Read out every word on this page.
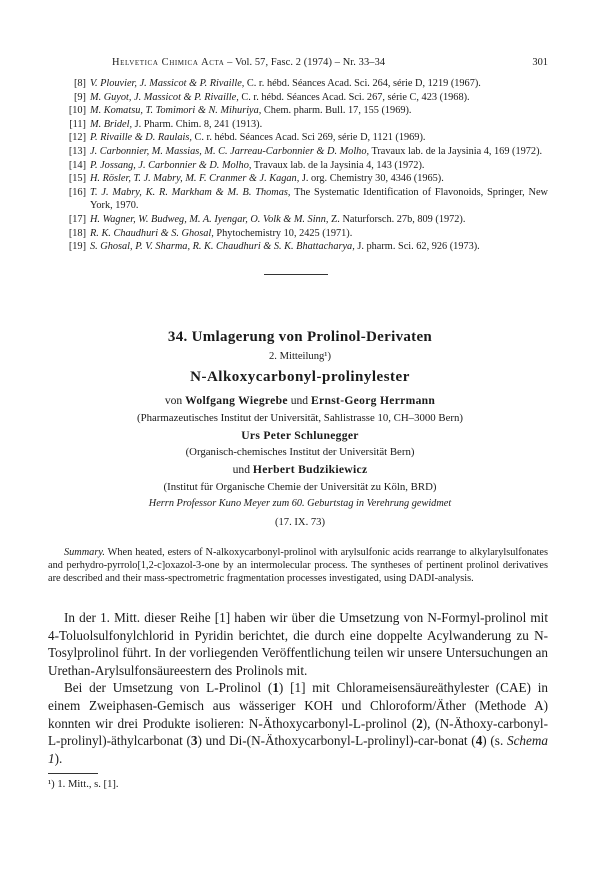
Helvetica Chimica Acta – Vol. 57, Fasc. 2 (1974) – Nr. 33–34	301
[8] V. Plouvier, J. Massicot & P. Rivaille, C. r. hébd. Séances Acad. Sci. 264, série D, 1219 (1967).
[9] M. Guyot, J. Massicot & P. Rivaille, C. r. hébd. Séances Acad. Sci. 267, série C, 423 (1968).
[10] M. Komatsu, T. Tomimori & N. Mihuriya, Chem. pharm. Bull. 17, 155 (1969).
[11] M. Bridel, J. Pharm. Chim. 8, 241 (1913).
[12] P. Rivaille & D. Raulais, C. r. hébd. Séances Acad. Sci 269, série D, 1121 (1969).
[13] J. Carbonnier, M. Massias, M. C. Jarreau-Carbonnier & D. Molho, Travaux lab. de la Jaysinia 4, 169 (1972).
[14] P. Jossang, J. Carbonnier & D. Molho, Travaux lab. de la Jaysinia 4, 143 (1972).
[15] H. Rösler, T. J. Mabry, M. F. Cranmer & J. Kagan, J. org. Chemistry 30, 4346 (1965).
[16] T. J. Mabry, K. R. Markham & M. B. Thomas, The Systematic Identification of Flavonoids, Springer, New York, 1970.
[17] H. Wagner, W. Budweg, M. A. Iyengar, O. Volk & M. Sinn, Z. Naturforsch. 27b, 809 (1972).
[18] R. K. Chaudhuri & S. Ghosal, Phytochemistry 10, 2425 (1971).
[19] S. Ghosal, P. V. Sharma, R. K. Chaudhuri & S. K. Bhattacharya, J. pharm. Sci. 62, 926 (1973).
34. Umlagerung von Prolinol-Derivaten
2. Mitteilung¹)
N-Alkoxycarbonyl-prolinylester
von Wolfgang Wiegrebe und Ernst-Georg Herrmann
(Pharmazeutisches Institut der Universität, Sahlistrasse 10, CH–3000 Bern)
Urs Peter Schlunegger
(Organisch-chemisches Institut der Universität Bern)
und Herbert Budzikiewicz
(Institut für Organische Chemie der Universität zu Köln, BRD)
Herrn Professor Kuno Meyer zum 60. Geburtstag in Verehrung gewidmet
(17. IX. 73)
Summary. When heated, esters of N-alkoxycarbonyl-prolinol with arylsulfonic acids rearrange to alkylarylsulfonates and perhydro-pyrrolo[1,2-c]oxazol-3-one by an intermolecular process. The syntheses of pertinent prolinol derivatives are described and their mass-spectrometric fragmentation processes investigated, using DADI-analysis.

In der 1. Mitt. dieser Reihe [1] haben wir über die Umsetzung von N-Formyl-prolinol mit 4-Toluolsulfonylchlorid in Pyridin berichtet, die durch eine doppelte Acylwanderung zu N-Tosylprolinol führt. In der vorliegenden Veröffentlichung teilen wir unsere Untersuchungen an Urethan-Arylsulfonsäureestern des Prolinols mit.

Bei der Umsetzung von L-Prolinol (1) [1] mit Chlorameisensäureäthylester (CAE) in einem Zweiphasen-Gemisch aus wässeriger KOH und Chloroform/Äther (Methode A) konnten wir drei Produkte isolieren: N-Äthoxycarbonyl-L-prolinol (2), (N-Äthoxy-carbonyl-L-prolinyl)-äthylcarbonat (3) und Di-(N-Äthoxycarbonyl-L-prolinyl)-car-bonat (4) (s. Schema 1).

¹) 1. Mitt., s. [1].
